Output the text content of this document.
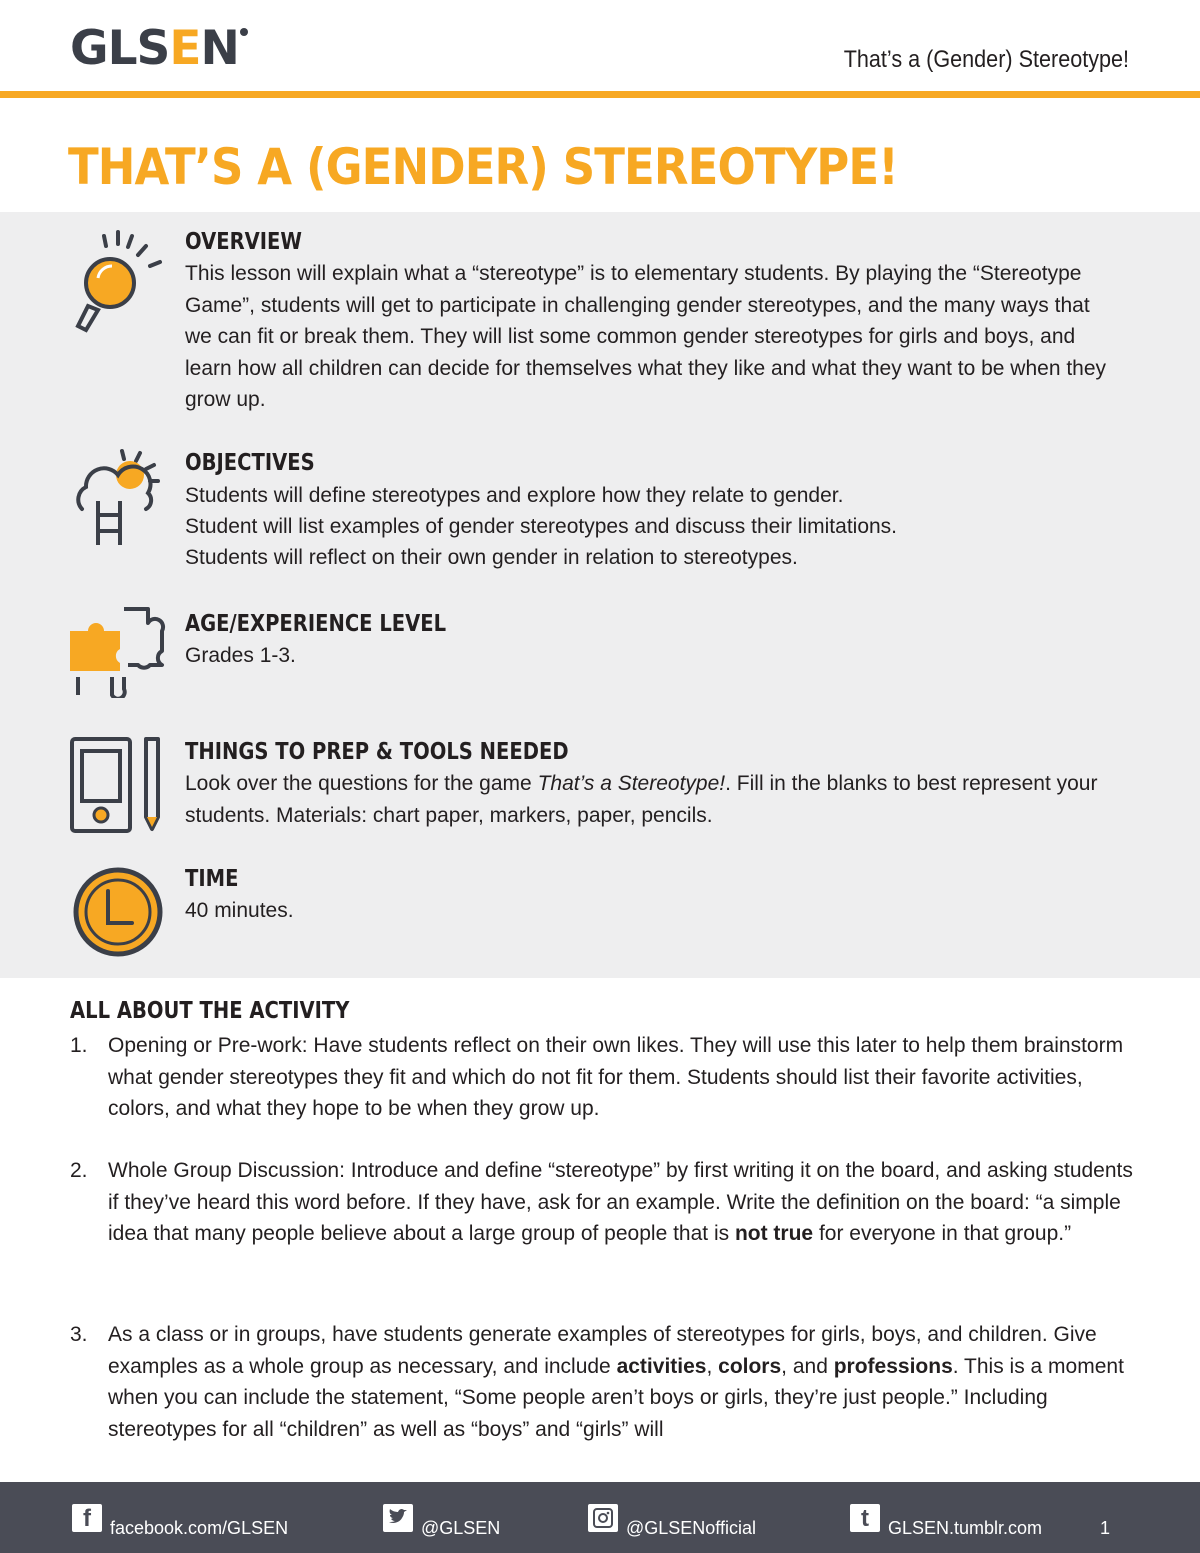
GLSEN	That’s a (Gender) Stereotype!
THAT’S A (GENDER) STEREOTYPE!
OVERVIEW

This lesson will explain what a “stereotype” is to elementary students. By playing the “Stereotype Game”, students will get to participate in challenging gender stereotypes, and the many ways that we can fit or break them. They will list some common gender stereotypes for girls and boys, and learn how all children can decide for themselves what they like and what they want to be when they grow up.

OBJECTIVES

Students will define stereotypes and explore how they relate to gender.

Student will list examples of gender stereotypes and discuss their limitations.

Students will reflect on their own gender in relation to stereotypes.

AGE/EXPERIENCE LEVEL

Grades 1-3.

THINGS TO PREP & TOOLS NEEDED

Look over the questions for the game That’s a Stereotype!. Fill in the blanks to best represent your students. Materials: chart paper, markers, paper, pencils.

TIME

40 minutes.

ALL ABOUT THE ACTIVITY
1. Opening or Pre-work: Have students reflect on their own likes. They will use this later to help them brainstorm what gender stereotypes they fit and which do not fit for them. Students should list their favorite activities, colors, and what they hope to be when they grow up.
2. Whole Group Discussion: Introduce and define “stereotype” by first writing it on the board, and asking students if they’ve heard this word before. If they have, ask for an example. Write the definition on the board: “a simple idea that many people believe about a large group of people that is not true for everyone in that group.”
3. As a class or in groups, have students generate examples of stereotypes for girls, boys, and children. Give examples as a whole group as necessary, and include activities, colors, and professions. This is a moment when you can include the statement, “Some people aren’t boys or girls, they’re just people.” Including stereotypes for all “children” as well as “boys” and “girls” will
f	facebook.com/GLSEN	@GLSEN	@GLSENofficial	t	GLSEN.tumblr.com	1
